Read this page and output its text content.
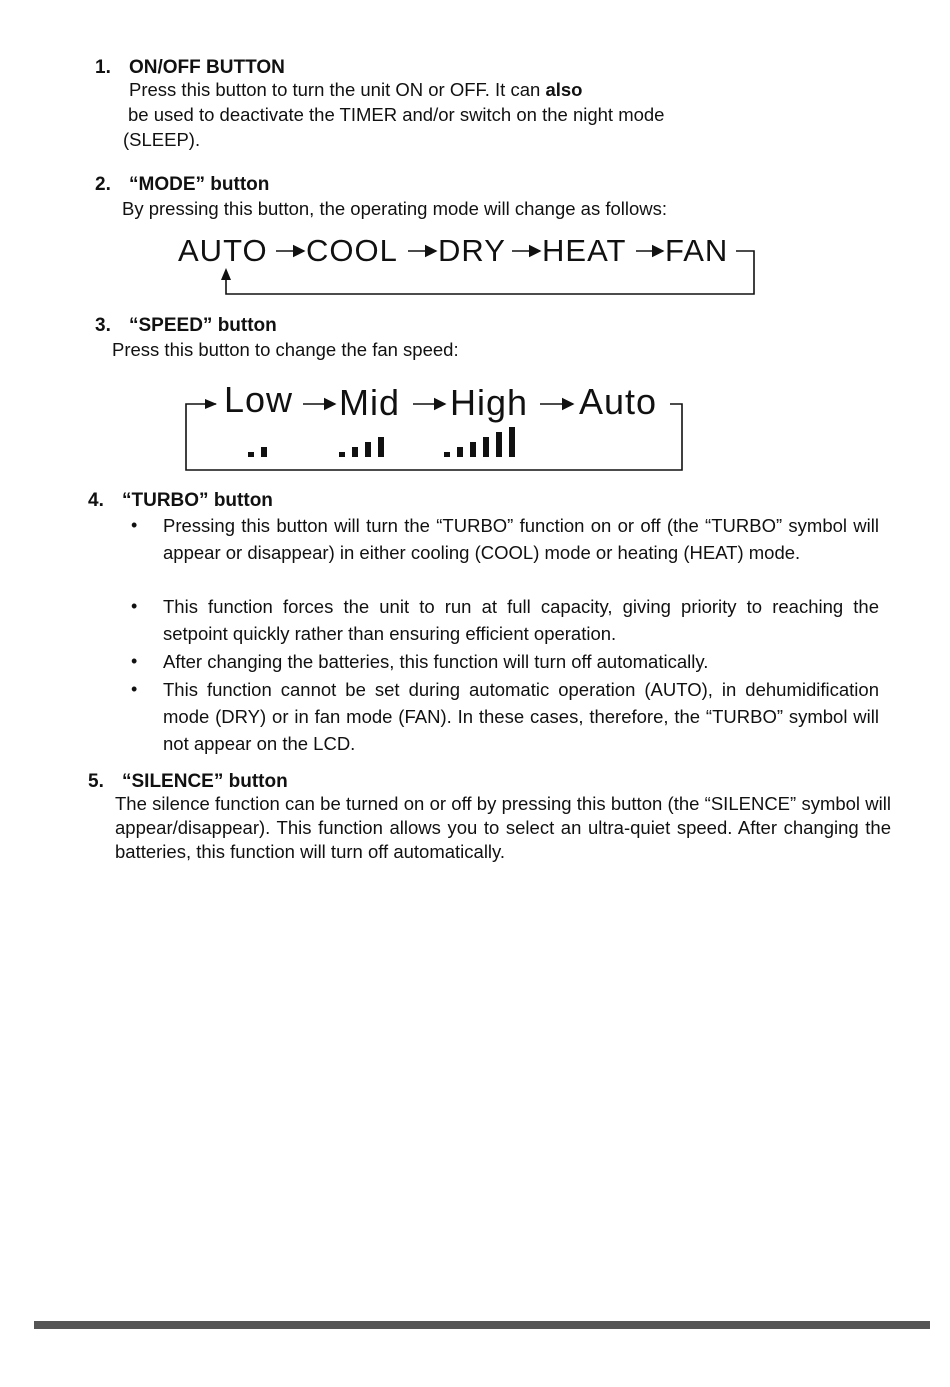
1. ON/OFF BUTTON
Press this button to turn the unit ON or OFF. It can also
be used to deactivate the TIMER and/or switch on the night mode
(SLEEP).
2. “MODE” button
By pressing this button, the operating mode will change as follows:
AUTO COOL DRY HEAT FAN
3. “SPEED” button
Press this button to change the fan speed:
Low Mid High Auto
4. “TURBO” button
• Pressing this button will turn the “TURBO” function on or off (the “TURBO” symbol will appear or disappear) in either cooling (COOL) mode or heating (HEAT) mode.
• This function forces the unit to run at full capacity, giving priority to reaching the setpoint quickly rather than ensuring efficient operation.
• After changing the batteries, this function will turn off automatically.
• This function cannot be set during automatic operation (AUTO), in dehumidification mode (DRY) or in fan mode (FAN). In these cases, therefore, the “TURBO” symbol will not appear on the LCD.
5. “SILENCE” button
The silence function can be turned on or off by pressing this button (the “SILENCE” symbol will appear/disappear). This function allows you to select an ultra-quiet speed. After changing the batteries, this function will turn off automatically.
